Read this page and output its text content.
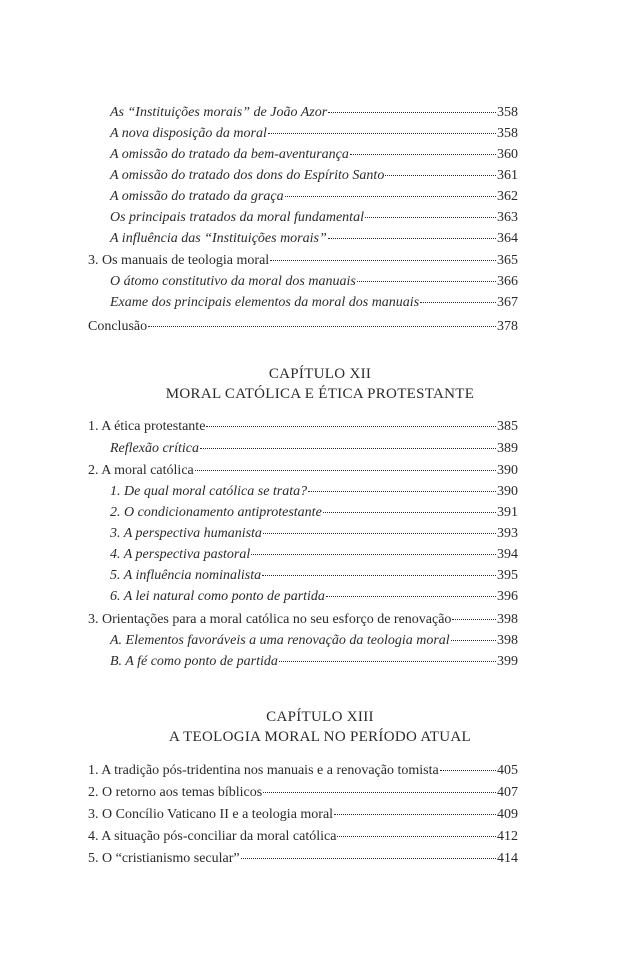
As “Instituições morais” de João Azor	358
A nova disposição da moral	358
A omissão do tratado da bem-aventurança	360
A omissão do tratado dos dons do Espírito Santo	361
A omissão do tratado da graça	362
Os principais tratados da moral fundamental	363
A influência das “Instituições morais”	364
3. Os manuais de teologia moral	365
O átomo constitutivo da moral dos manuais	366
Exame dos principais elementos da moral dos manuais	367
Conclusão	378
CAPÍTULO XII
MORAL CATÓLICA E ÉTICA PROTESTANTE
1. A ética protestante	385
Reflexão crítica	389
2. A moral católica	390
1. De qual moral católica se trata?	390
2. O condicionamento antiprotestante	391
3. A perspectiva humanista	393
4. A perspectiva pastoral	394
5. A influência nominalista	395
6. A lei natural como ponto de partida	396
3. Orientações para a moral católica no seu esforço de renovação	398
A. Elementos favoráveis a uma renovação da teologia moral	398
B. A fé como ponto de partida	399
CAPÍTULO XIII
A TEOLOGIA MORAL NO PERÍODO ATUAL
1. A tradição pós-tridentina nos manuais e a renovação tomista	405
2. O retorno aos temas bíblicos	407
3. O Concílio Vaticano II e a teologia moral	409
4. A situação pós-conciliar da moral católica	412
5. O “cristianismo secular”	414
